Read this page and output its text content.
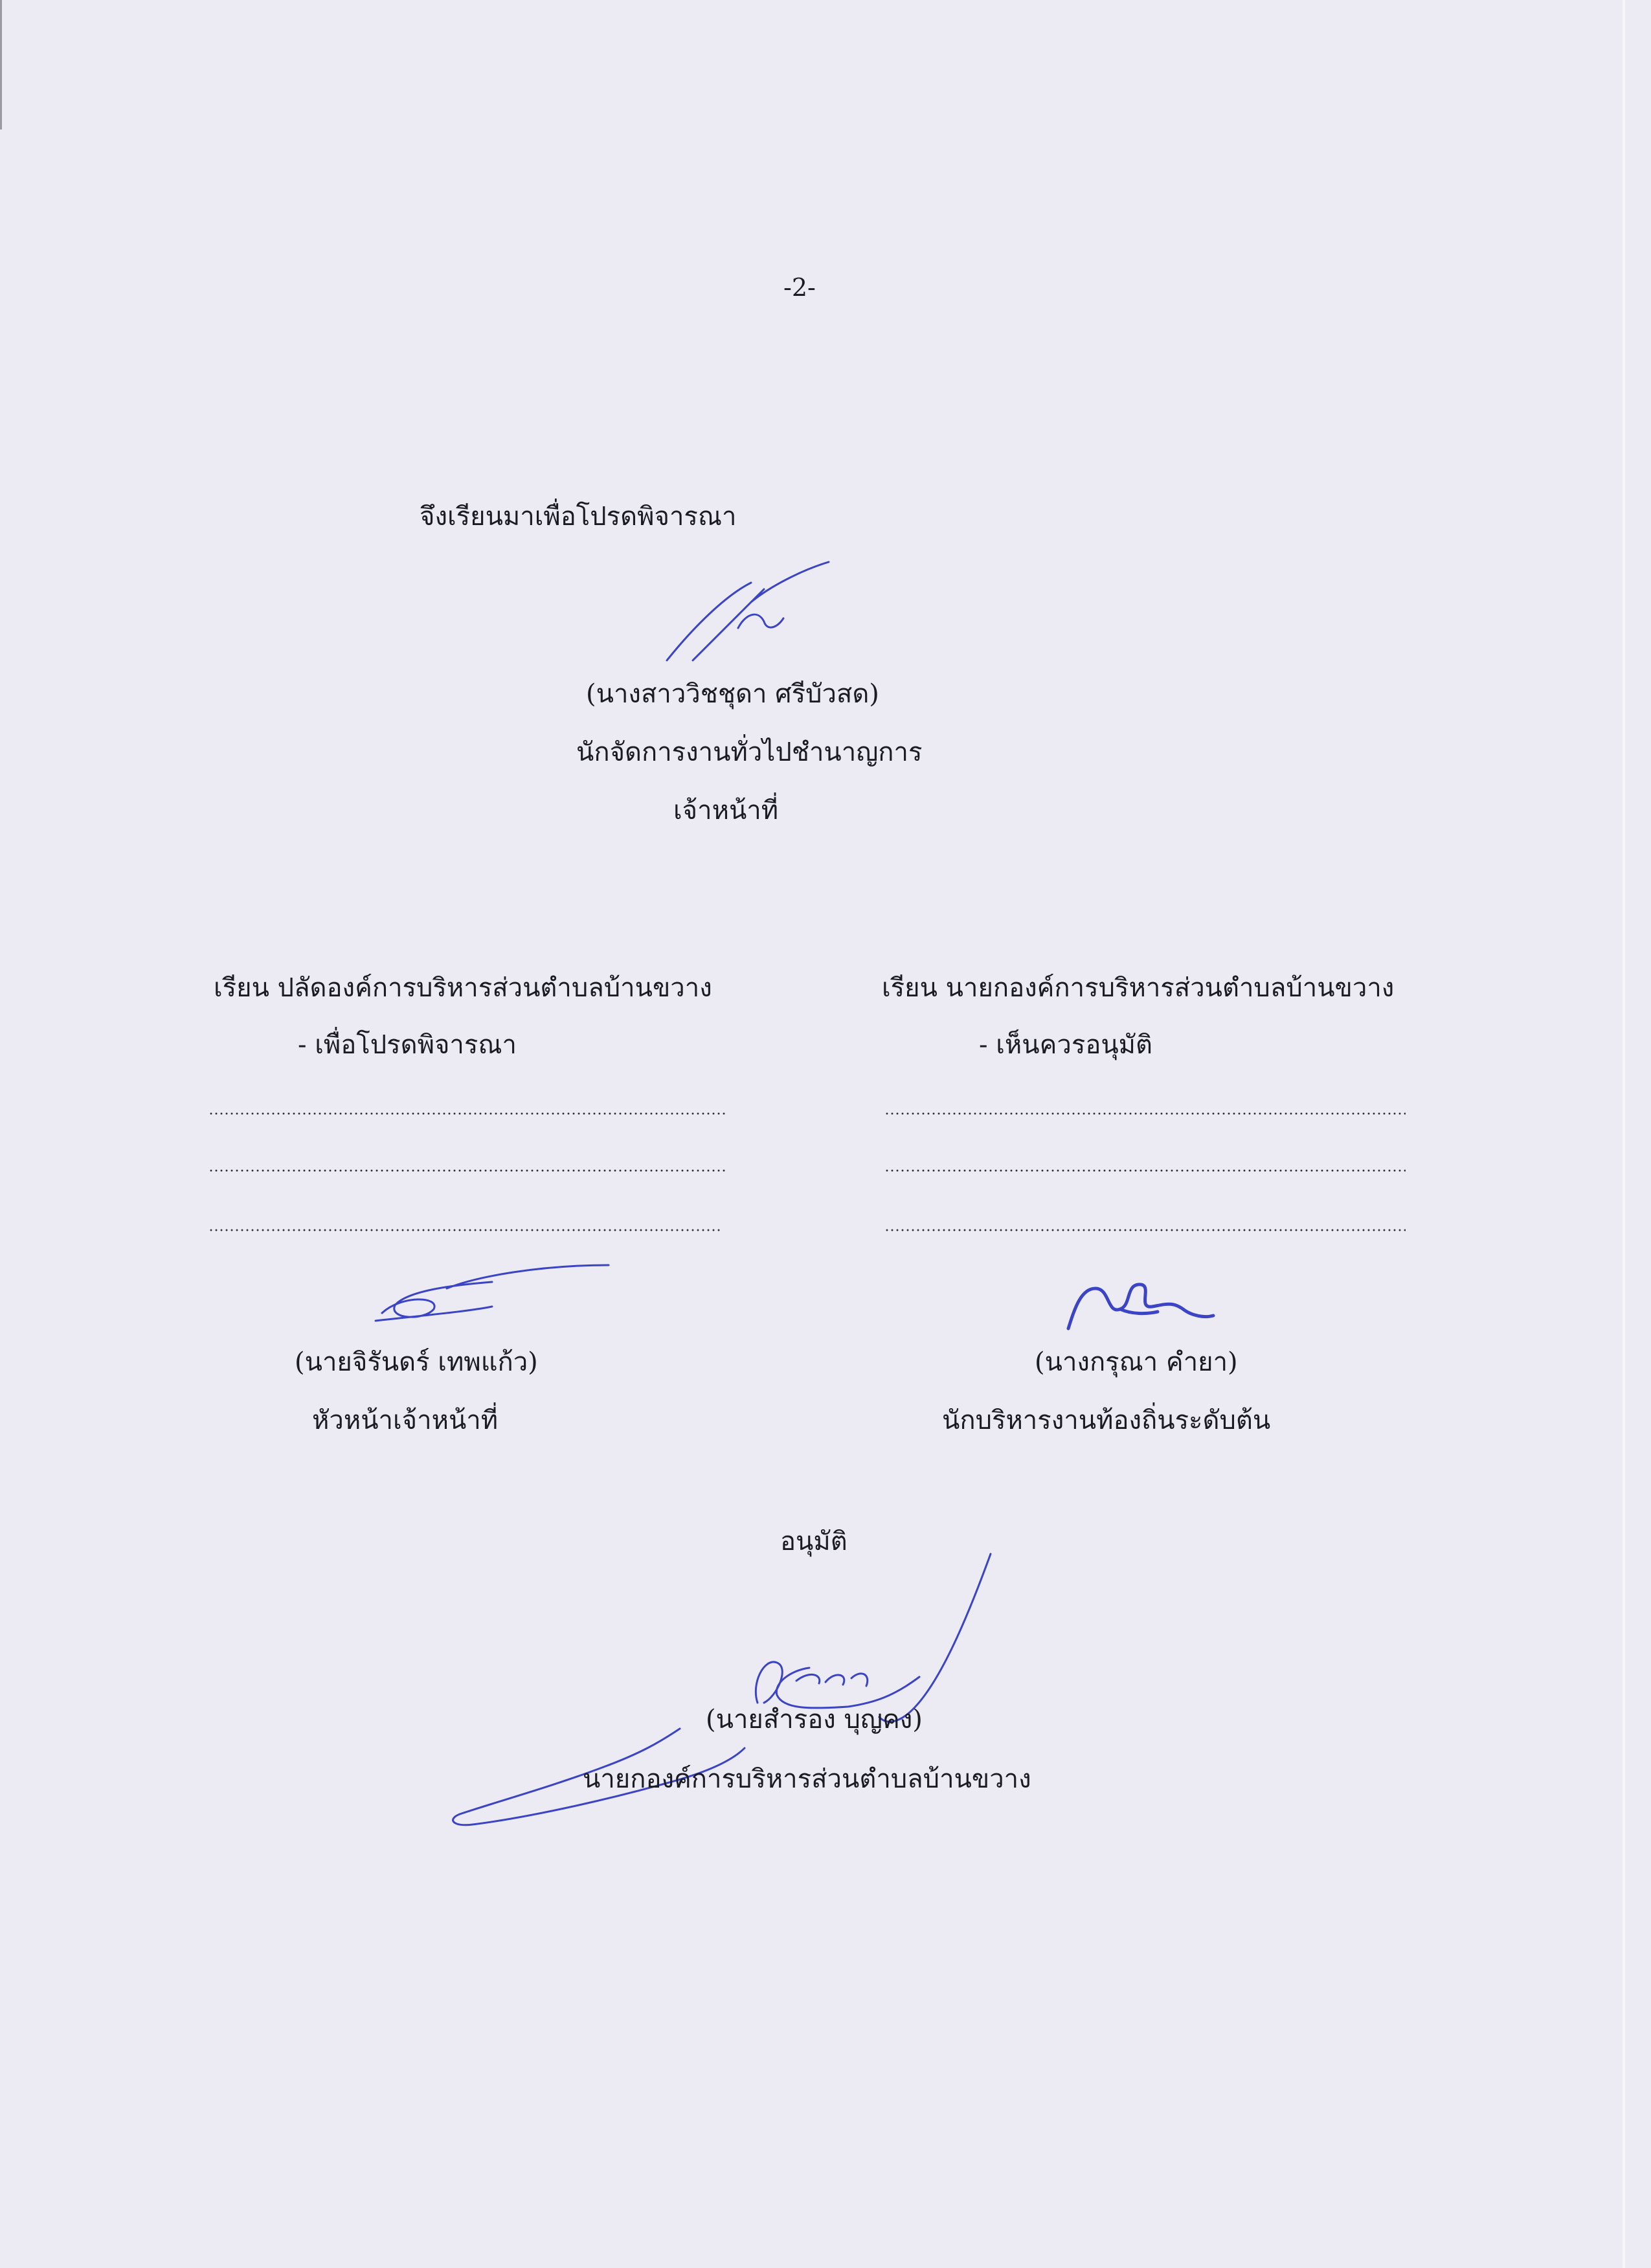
-2-
จึงเรียนมาเพื่อโปรดพิจารณา
(นางสาววิชชุดา ศรีบัวสด)
นักจัดการงานทั่วไปชำนาญการ
เจ้าหน้าที่
เรียน ปลัดองค์การบริหารส่วนตำบลบ้านขวาง
- เพื่อโปรดพิจารณา
(นายจิรันดร์ เทพแก้ว)
หัวหน้าเจ้าหน้าที่
เรียน นายกองค์การบริหารส่วนตำบลบ้านขวาง
- เห็นควรอนุมัติ
(นางกรุณา คำยา)
นักบริหารงานท้องถิ่นระดับต้น
อนุมัติ
(นายสำรอง บุญคง)
นายกองค์การบริหารส่วนตำบลบ้านขวาง
